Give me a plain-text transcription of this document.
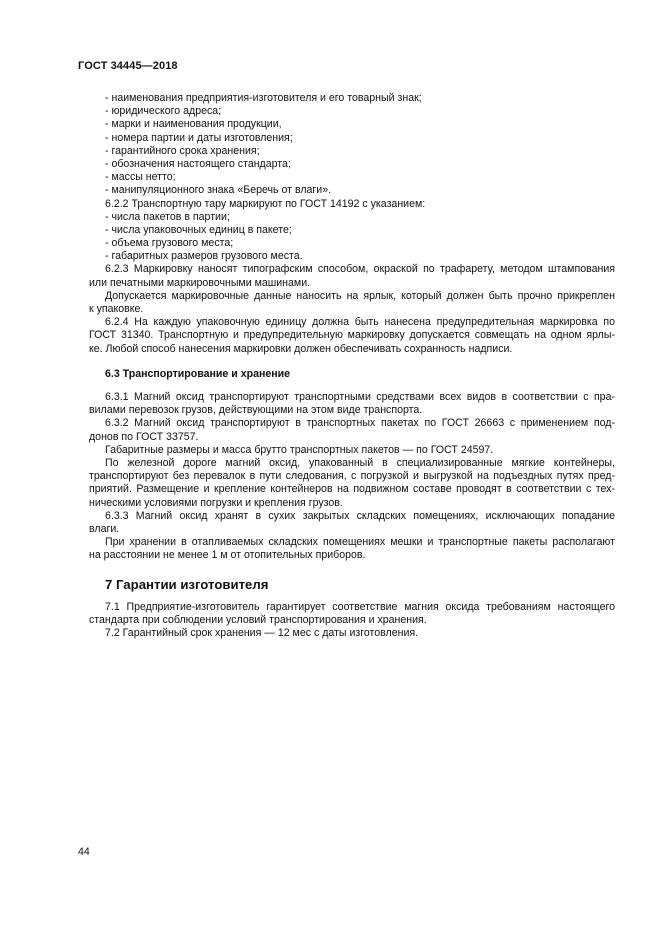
ГОСТ 34445—2018
- наименования предприятия-изготовителя и его товарный знак;
- юридического адреса;
- марки и наименования продукции,
- номера партии и даты изготовления;
- гарантийного срока хранения;
- обозначения настоящего стандарта;
- массы нетто;
- манипуляционного знака «Беречь от влаги».
6.2.2 Транспортную тару маркируют по ГОСТ 14192 с указанием:
- числа пакетов в партии;
- числа упаковочных единиц в пакете;
- объема грузового места;
- габаритных размеров грузового места.
6.2.3 Маркировку наносят типографским способом, окраской по трафарету, методом штампования
или печатными маркировочными машинами.
Допускается маркировочные данные наносить на ярлык, который должен быть прочно прикреплен
к упаковке.
6.2.4 На каждую упаковочную единицу должна быть нанесена предупредительная маркировка по
ГОСТ 31340. Транспортную и предупредительную маркировку допускается совмещать на одном ярлы-
ке. Любой способ нанесения маркировки должен обеспечивать сохранность надписи.
6.3 Транспортирование и хранение
6.3.1 Магний оксид транспортируют транспортными средствами всех видов в соответствии с пра-
вилами перевозок грузов, действующими на этом виде транспорта.
6.3.2 Магний оксид транспортируют в транспортных пакетах по ГОСТ 26663 с применением под-
донов по ГОСТ 33757.
Габаритные размеры и масса брутто транспортных пакетов — по ГОСТ 24597.
По железной дороге магний оксид, упакованный в специализированные мягкие контейнеры,
транспортируют без перевалок в пути следования, с погрузкой и выгрузкой на подъездных путях пред-
приятий. Размещение и крепление контейнеров на подвижном составе проводят в соответствии с тех-
ническими условиями погрузки и крепления грузов.
6.3.3 Магний оксид хранят в сухих закрытых складских помещениях, исключающих попадание
влаги.
При хранении в отапливаемых складских помещениях мешки и транспортные пакеты располагают
на расстоянии не менее 1 м от отопительных приборов.
7 Гарантии изготовителя
7.1 Предприятие-изготовитель гарантирует соответствие магния оксида требованиям настоящего
стандарта при соблюдении условий транспортирования и хранения.
7.2 Гарантийный срок хранения — 12 мес с даты изготовления.
44
